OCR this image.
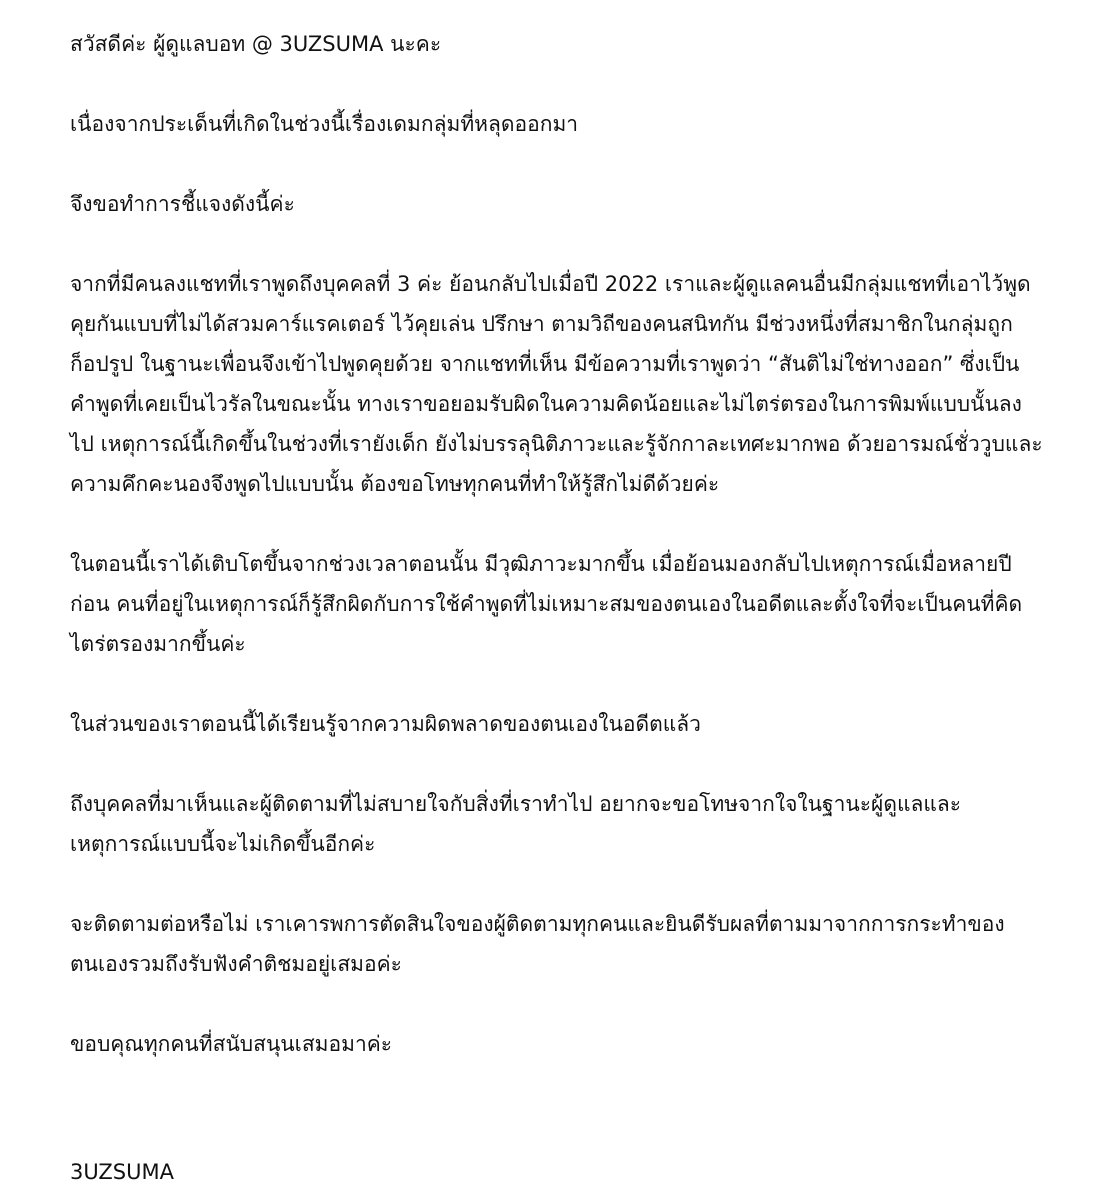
สวัสดีค่ะ ผู้ดูแลบอท @ 3UZSUMA นะคะ

เนื่องจากประเด็นที่เกิดในช่วงนี้เรื่องเดมกลุ่มที่หลุดออกมา

จึงขอทำการชี้แจงดังนี้ค่ะ

จากที่มีคนลงแชทที่เราพูดถึงบุคคลที่ 3 ค่ะ ย้อนกลับไปเมื่อปี 2022 เราและผู้ดูแลคนอื่นมีกลุ่มแชทที่เอาไว้พูด
คุยกันแบบที่ไม่ได้สวมคาร์แรคเตอร์ ไว้คุยเล่น ปรึกษา ตามวิถีของคนสนิทกัน มีช่วงหนึ่งที่สมาชิกในกลุ่มถูก
ก็อปรูป ในฐานะเพื่อนจึงเข้าไปพูดคุยด้วย จากแชทที่เห็น มีข้อความที่เราพูดว่า “สันติไม่ใช่ทางออก” ซึ่งเป็น
คำพูดที่เคยเป็นไวรัลในขณะนั้น ทางเราขอยอมรับผิดในความคิดน้อยและไม่ไตร่ตรองในการพิมพ์แบบนั้นลง
ไป เหตุการณ์นี้เกิดขึ้นในช่วงที่เรายังเด็ก ยังไม่บรรลุนิติภาวะและรู้จักกาละเทศะมากพอ ด้วยอารมณ์ชั่ววูบและ
ความคึกคะนองจึงพูดไปแบบนั้น ต้องขอโทษทุกคนที่ทำให้รู้สึกไม่ดีด้วยค่ะ

ในตอนนี้เราได้เติบโตขึ้นจากช่วงเวลาตอนนั้น มีวุฒิภาวะมากขึ้น เมื่อย้อนมองกลับไปเหตุการณ์เมื่อหลายปี
ก่อน คนที่อยู่ในเหตุการณ์ก็รู้สึกผิดกับการใช้คำพูดที่ไม่เหมาะสมของตนเองในอดีตและตั้งใจที่จะเป็นคนที่คิด
ไตร่ตรองมากขึ้นค่ะ

ในส่วนของเราตอนนี้ได้เรียนรู้จากความผิดพลาดของตนเองในอดีตแล้ว

ถึงบุคคลที่มาเห็นและผู้ติดตามที่ไม่สบายใจกับสิ่งที่เราทำไป อยากจะขอโทษจากใจในฐานะผู้ดูแลและ
เหตุการณ์แบบนี้จะไม่เกิดขึ้นอีกค่ะ

จะติดตามต่อหรือไม่ เราเคารพการตัดสินใจของผู้ติดตามทุกคนและยินดีรับผลที่ตามมาจากการกระทำของ
ตนเองรวมถึงรับฟังคำติชมอยู่เสมอค่ะ

ขอบคุณทุกคนที่สนับสนุนเสมอมาค่ะ

3UZSUMA
